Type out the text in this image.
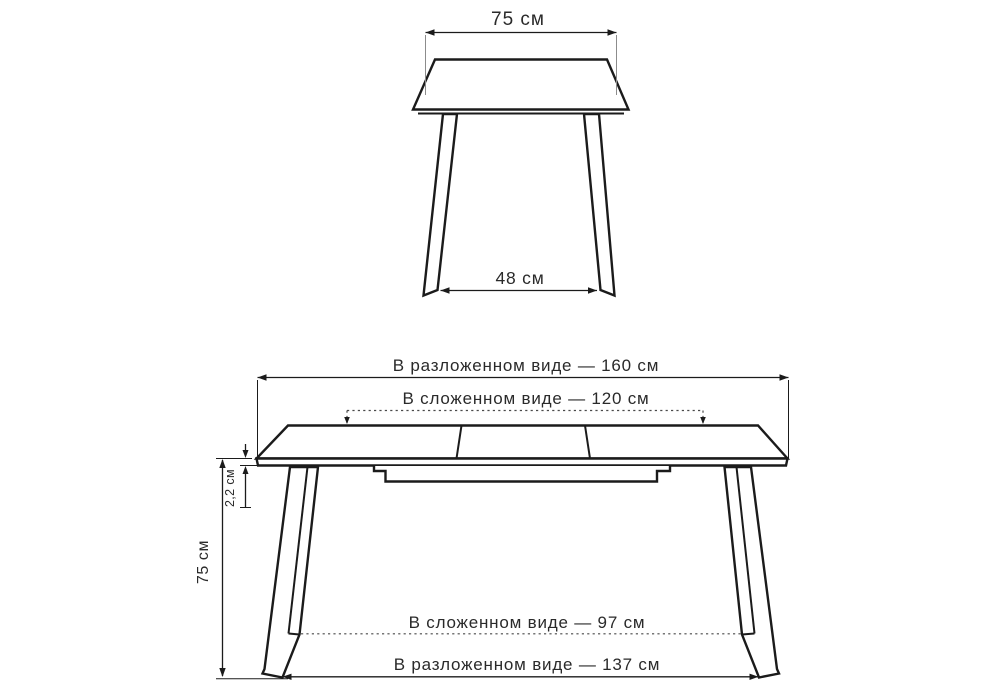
75 см
48 см
В разложенном виде — 160 см
В сложенном виде — 120 см
В сложенном виде — 97 см
В разложенном виде — 137 см
75 см
2,2 см
